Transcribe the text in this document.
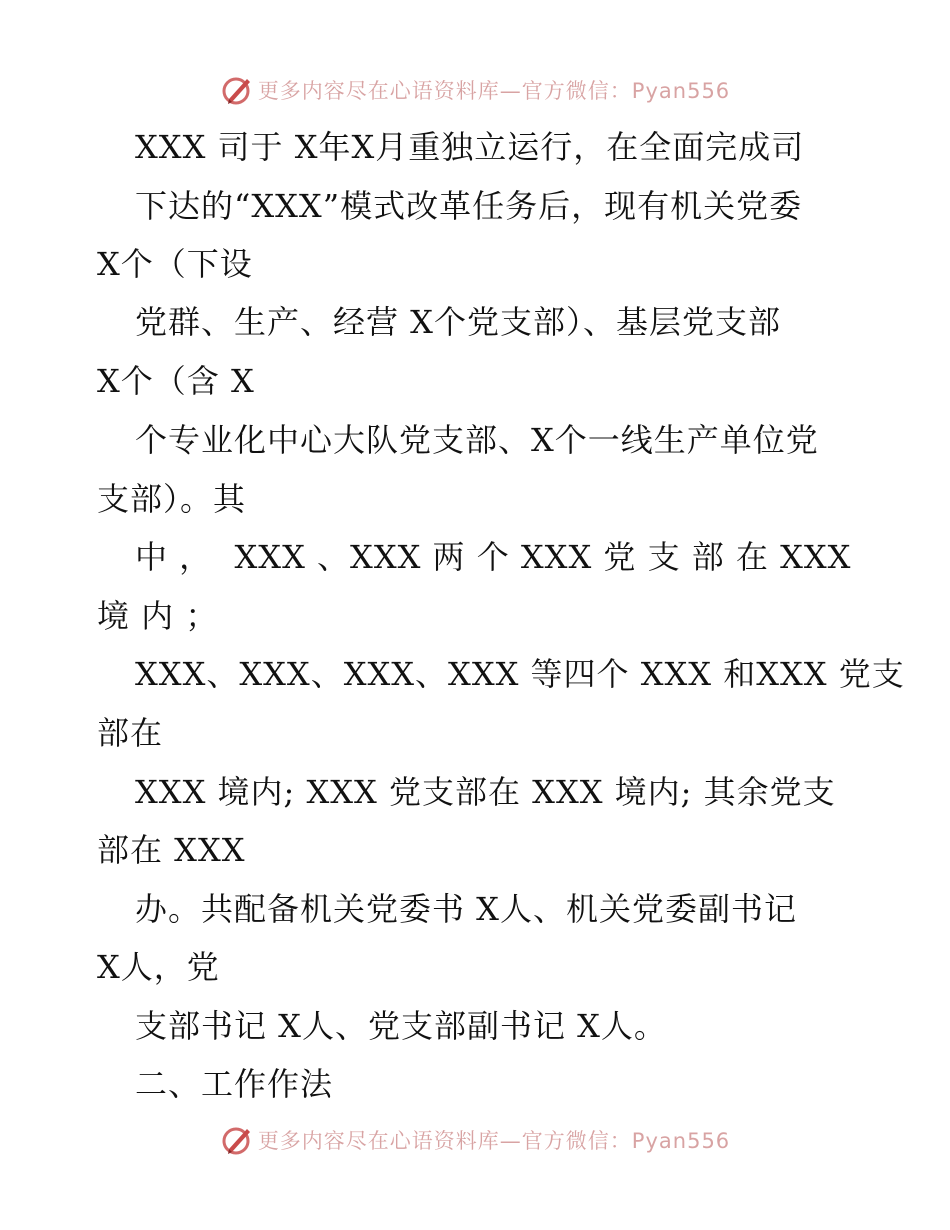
更多内容尽在心语资料库—官方微信：Pyan556
XXX 司于 X年X月重独立运行，在全面完成司
下达的“XXX”模式改革任务后，现有机关党委
X个（下设
党群、生产、经营 X个党支部）、基层党支部
X个（含 X
个专业化中心大队党支部、X个一线生产单位党
支部）。其
中 ，  XXX 、XXX 两 个 XXX 党 支 部 在 XXX
境 内 ；
XXX、XXX、XXX、XXX 等四个 XXX 和XXX 党支
部在
XXX 境内; XXX 党支部在 XXX 境内; 其余党支
部在 XXX
办。共配备机关党委书 X人、机关党委副书记
X人，党
支部书记 X人、党支部副书记 X人。
二、工作作法
更多内容尽在心语资料库—官方微信：Pyan556
